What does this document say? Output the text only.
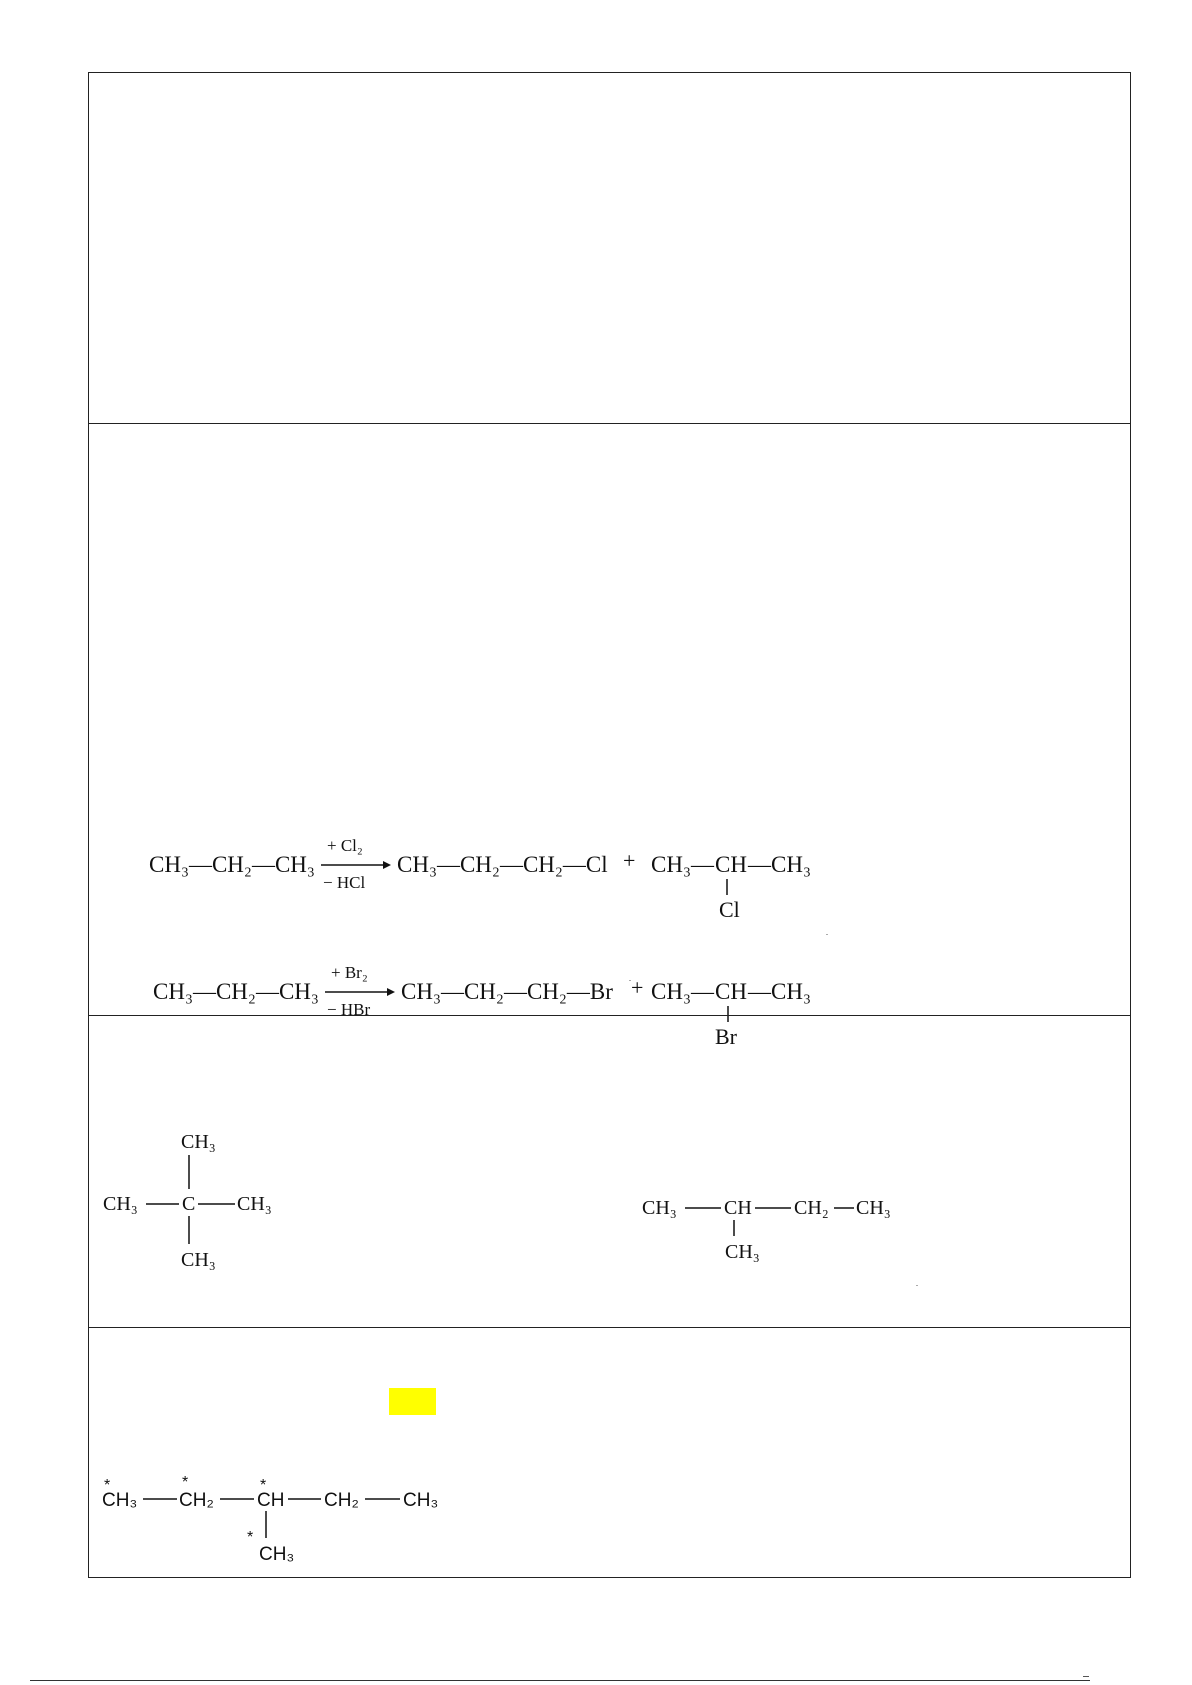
CH₃—CH₂—CH₃
+ Cl₂
− HCl
CH₃—CH₂—CH₂—Cl + CH₃— CH —CH₃
Cl
CH₃—CH₂—CH₃
+ Br₂
− HBr
CH₃—CH₂—CH₂—Br + CH₃— CH —CH₃
Br
CH₃
CH₃ C CH₃
CH₃
CH₃ CH CH₂ CH₃
CH₃
*
CH₃
*
CH₂
*
CH CH₂ CH₃
*
CH₃
